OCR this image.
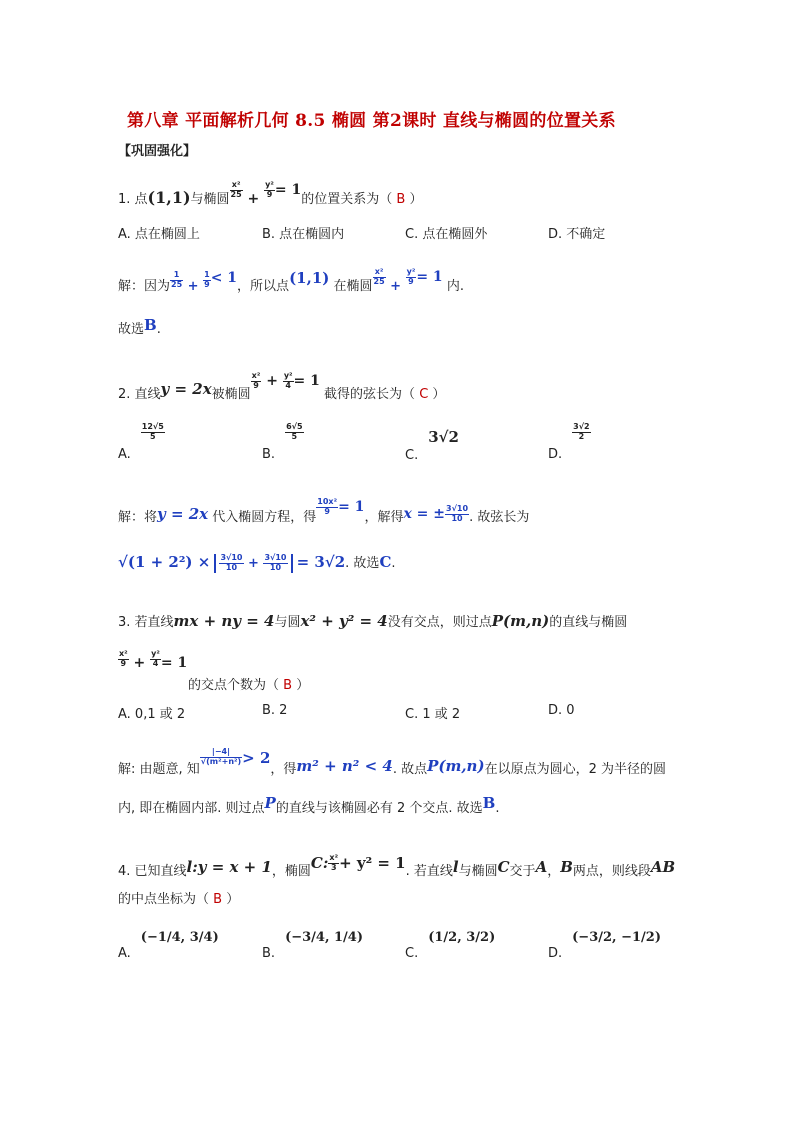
第八章 平面解析几何 8.5 椭圆 第2课时 直线与椭圆的位置关系
【巩固强化】
1. 点(1,1)与椭圆 $\frac{\text{x²}}{25} + \frac{\text{y²}}{9} = 1$的位置关系为（ B ）
A. 点在椭圆上	B. 点在椭圆内	C. 点在椭圆外	D. 不确定
解：因为 $\frac{1}{25} + \frac{1}{9} < 1$，所以点(1,1) 在椭圆 $\frac{\text{x²}}{25} + \frac{\text{y²}}{9} = 1$ 内.
故选B.
2. 直线y = 2x被椭圆
$\frac{\text{x²}}{9} + \frac{\text{y²}}{4} = 1$ 截得的弦长为（ C ）
A.
$\frac{12√5}{5}$
B.
$\frac{6√5}{5}$
C.3√2
D.
$\frac{3√2}{2}$
解：将y = 2x 代入椭圆方程，得
$\frac{\text{10x²}}{9} = 1$，解得x = ± $\frac{3√10}{10}$ . 故弦长为
$√(1 + 2^2) \times \frac{3√10}{10} + \frac{3√10}{10} = 3√2$. 故选C.
3. 若直线mx + ny = 4与圆x² + y² = 4没有交点，则过点P(m,n)的直线与椭圆
$\frac{\text{x²}}{9} + \frac{\text{y²}}{4} = 1$
的交点个数为（ B ）
A. 0,1 或 2	B. 2	C. 1 或 2	D. 0
解: 由题意, 知
$\frac{|-4|}{\text{√(m²+n²)}} > 2$，得m² + n² < 4. 故点P(m,n)在以原点为圆心，2 为半径的圆
内, 即在椭圆内部. 则过点P的直线与该椭圆必有 2 个交点. 故选B.
4. 已知直线l:y = x + 1，椭圆C: $\frac{\text{x²}}{3} + y^2 = 1$. 若直线l与椭圆C交于A，B两点，则线段AB
的中点坐标为（ B ）
A.(−1/4, 3/4)
B.(−3/4, 1/4)
C.(1/2, 3/2)
D.(−3/2, −1/2)
